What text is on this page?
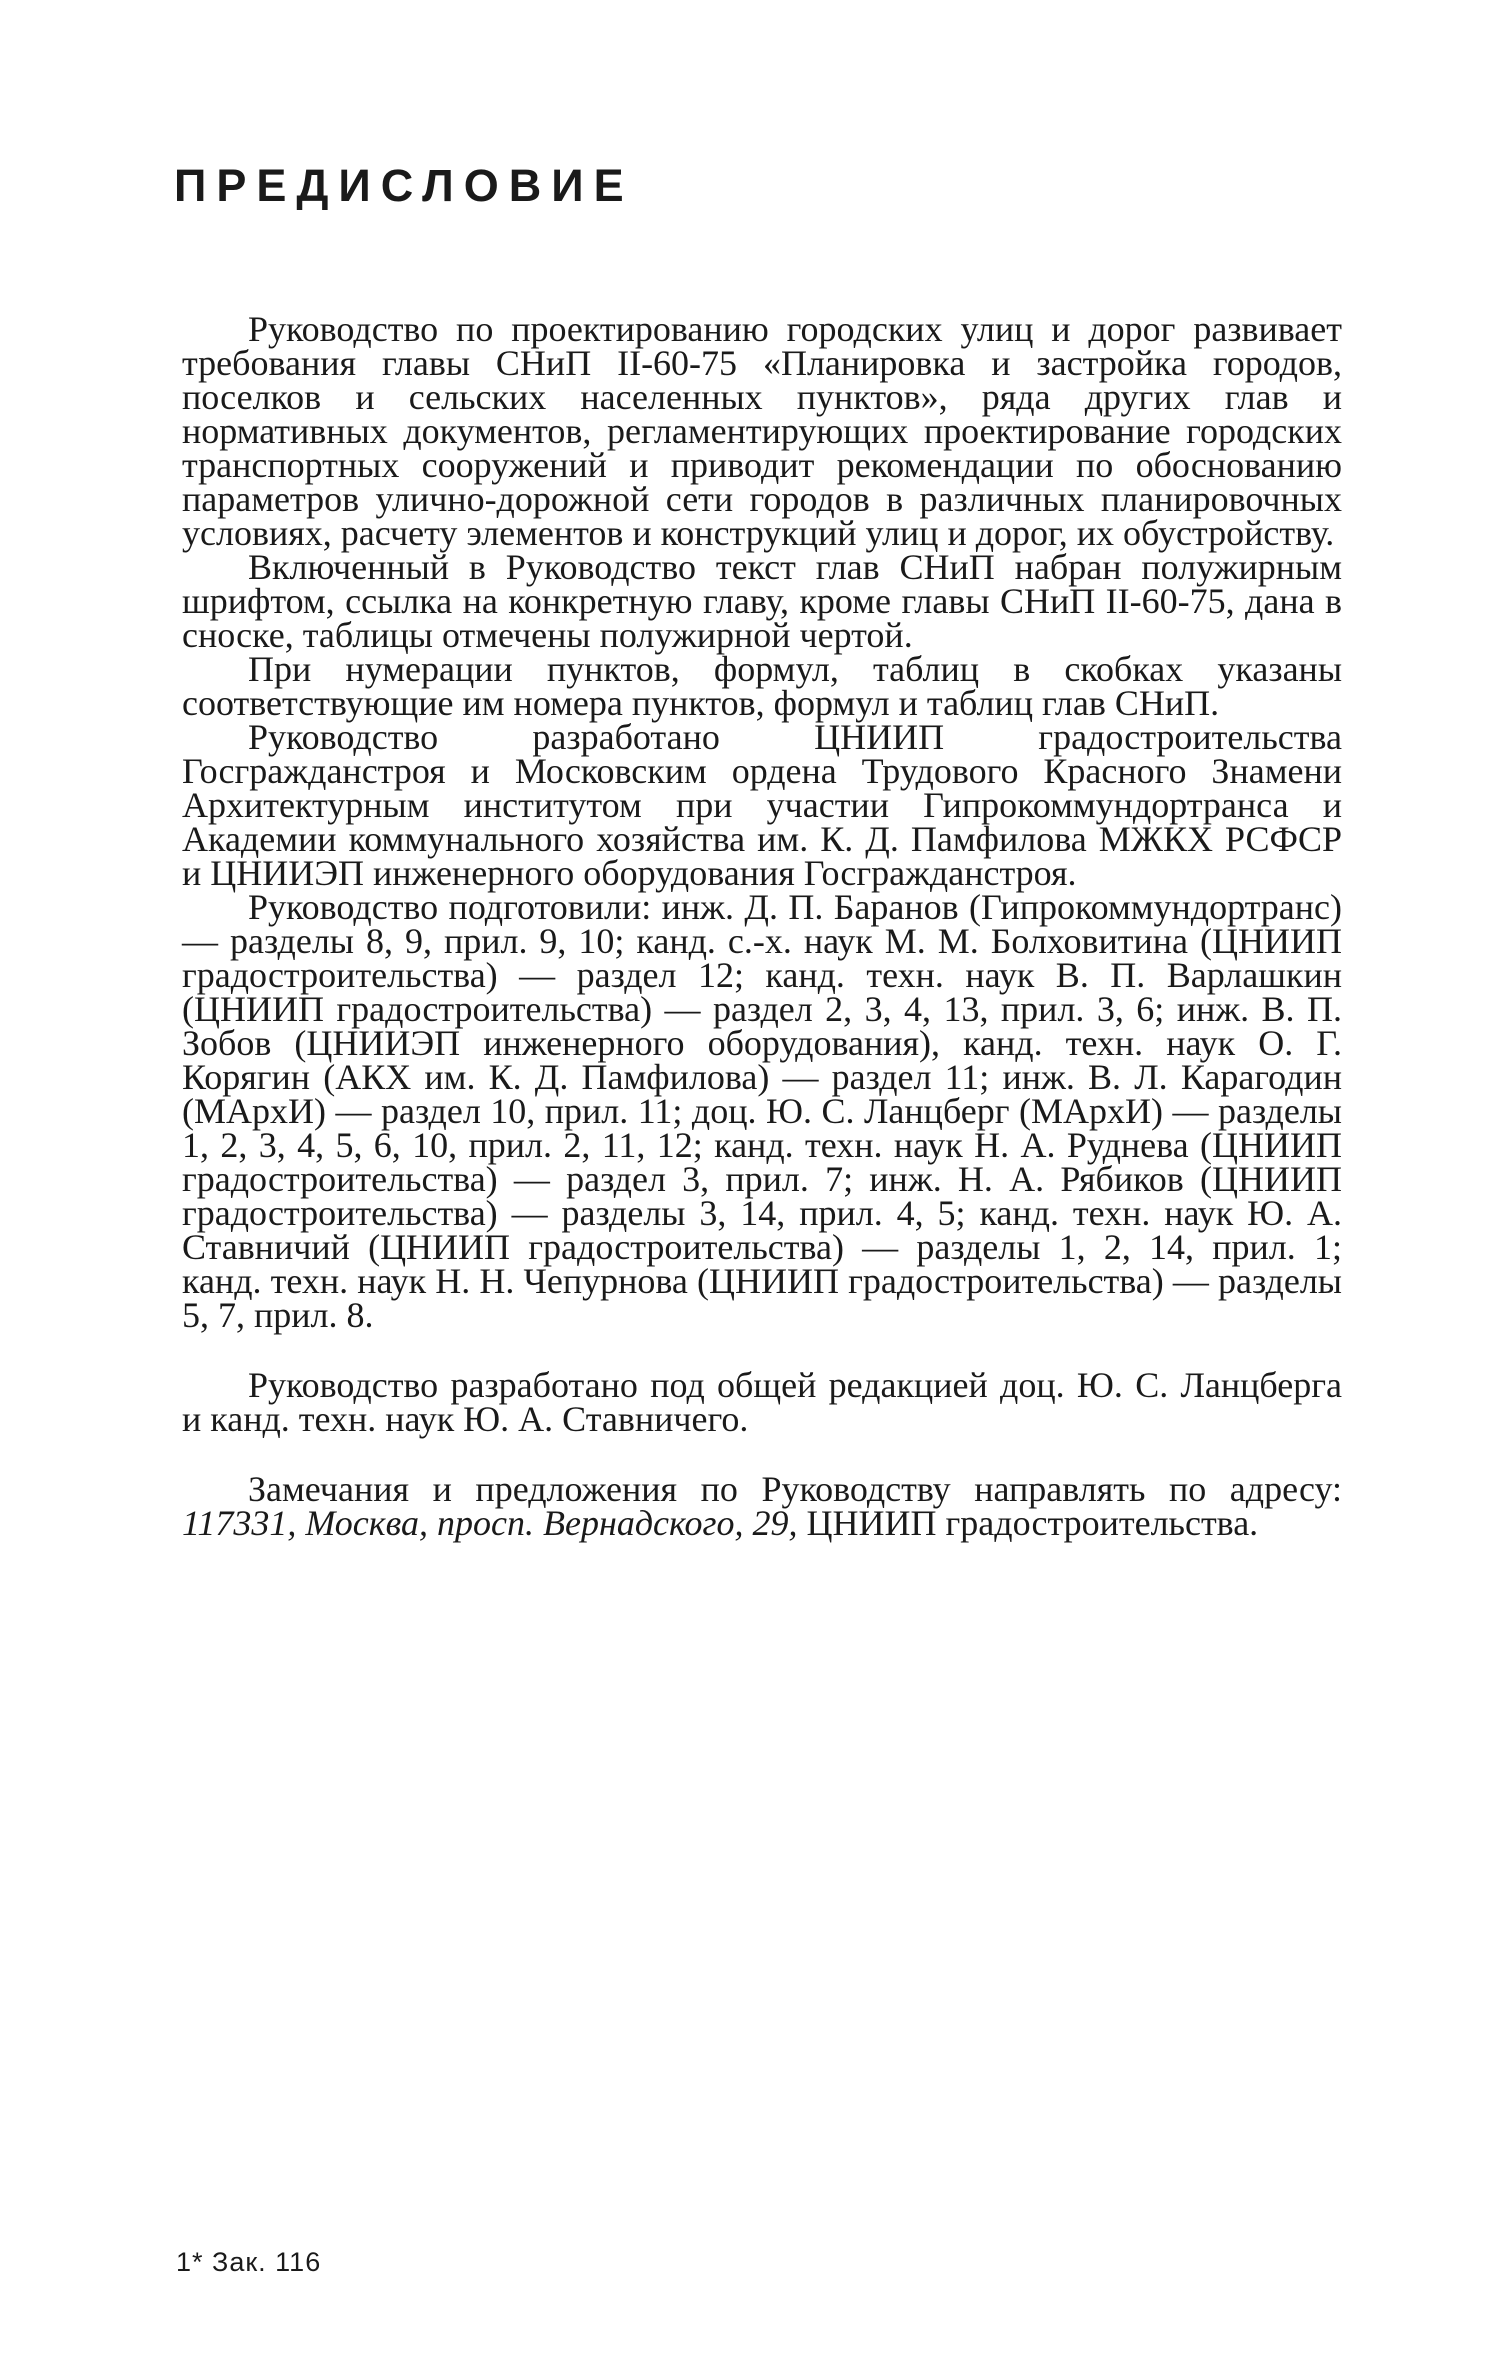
ПРЕДИСЛОВИЕ

Руководство по проектированию городских улиц и дорог развивает требования главы СНиП II-60-75 «Планировка и застройка городов, поселков и сельских населенных пунктов», ряда других глав и нормативных документов, регламентирующих проектирование городских транспортных сооружений и приводит рекомендации по обоснованию параметров улично-дорожной сети городов в различных планировочных условиях, расчету элементов и конструкций улиц и дорог, их обустройству.

Включенный в Руководство текст глав СНиП набран полужирным шрифтом, ссылка на конкретную главу, кроме главы СНиП II-60-75, дана в сноске, таблицы отмечены полужирной чертой.

При нумерации пунктов, формул, таблиц в скобках указаны соответствующие им номера пунктов, формул и таблиц глав СНиП.

Руководство разработано ЦНИИП градостроительства Госгражданстроя и Московским ордена Трудового Красного Знамени Архитектурным институтом при участии Гипрокоммундортранса и Академии коммунального хозяйства им. К. Д. Памфилова МЖКХ РСФСР и ЦНИИЭП инженерного оборудования Госгражданстроя.

Руководство подготовили: инж. Д. П. Баранов (Гипрокоммундортранс) — разделы 8, 9, прил. 9, 10; канд. с.-х. наук М. М. Болховитина (ЦНИИП градостроительства) — раздел 12; канд. техн. наук В. П. Варлашкин (ЦНИИП градостроительства) — раздел 2, 3, 4, 13, прил. 3, 6; инж. В. П. Зобов (ЦНИИЭП инженерного оборудования), канд. техн. наук О. Г. Корягин (АКХ им. К. Д. Памфилова) — раздел 11; инж. В. Л. Карагодин (МАрхИ) — раздел 10, прил. 11; доц. Ю. С. Ланцберг (МАрхИ) — разделы 1, 2, 3, 4, 5, 6, 10, прил. 2, 11, 12; канд. техн. наук Н. А. Руднева (ЦНИИП градостроительства) — раздел 3, прил. 7; инж. Н. А. Рябиков (ЦНИИП градостроительства) — разделы 3, 14, прил. 4, 5; канд. техн. наук Ю. А. Ставничий (ЦНИИП градостроительства) — разделы 1, 2, 14, прил. 1; канд. техн. наук Н. Н. Чепурнова (ЦНИИП градостроительства) — разделы 5, 7, прил. 8.

Руководство разработано под общей редакцией доц. Ю. С. Ланцберга и канд. техн. наук Ю. А. Ставничего.

Замечания и предложения по Руководству направлять по адресу: 117331, Москва, просп. Вернадского, 29, ЦНИИП градостроительства.

1* Зак. 116
